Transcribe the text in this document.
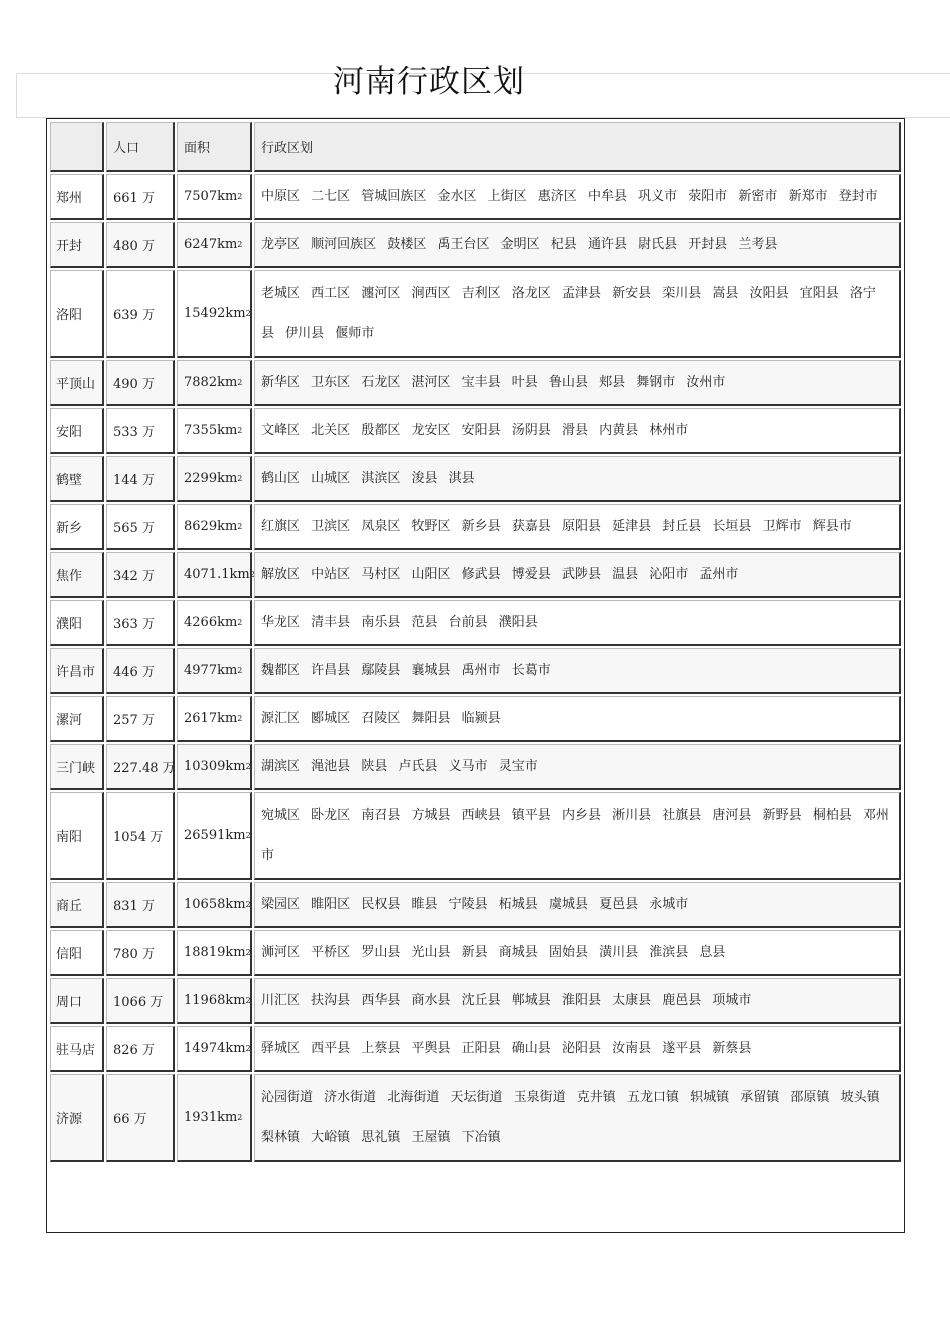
河南行政区划
	人口	面积	行政区划
郑州	661 万	$7507km^2$	中原区 二七区 管城回族区 金水区 上街区 惠济区 中牟县 巩义市 荥阳市 新密市 新郑市 登封市
开封	480 万	$6247km^2$	龙亭区 顺河回族区 鼓楼区 禹王台区 金明区 杞县 通许县 尉氏县 开封县 兰考县
洛阳	639 万	$15492km^2$	老城区 西工区 瀍河区 涧西区 吉利区 洛龙区 孟津县 新安县 栾川县 嵩县 汝阳县 宜阳县 洛宁县 伊川县 偃师市
平顶山	490 万	$7882km^2$	新华区 卫东区 石龙区 湛河区 宝丰县 叶县 鲁山县 郏县 舞钢市 汝州市
安阳	533 万	$7355km^2$	文峰区 北关区 殷都区 龙安区 安阳县 汤阴县 滑县 内黄县 林州市
鹤壁	144 万	$2299km^2$	鹤山区 山城区 淇滨区 浚县 淇县
新乡	565 万	$8629km^2$	红旗区 卫滨区 凤泉区 牧野区 新乡县 获嘉县 原阳县 延津县 封丘县 长垣县 卫辉市 辉县市
焦作	342 万	$4071.1km^2$	解放区 中站区 马村区 山阳区 修武县 博爱县 武陟县 温县 沁阳市 孟州市
濮阳	363 万	$4266km^2$	华龙区 清丰县 南乐县 范县 台前县 濮阳县
许昌市	446 万	$4977km^2$	魏都区 许昌县 鄢陵县 襄城县 禹州市 长葛市
漯河	257 万	$2617km^2$	源汇区 郾城区 召陵区 舞阳县 临颍县
三门峡	227.48 万	$10309km^2$	湖滨区 渑池县 陕县 卢氏县 义马市 灵宝市
南阳	1054 万	$26591km^2$	宛城区 卧龙区 南召县 方城县 西峡县 镇平县 内乡县 淅川县 社旗县 唐河县 新野县 桐柏县 邓州市
商丘	831 万	$10658km^2$	梁园区 睢阳区 民权县 睢县 宁陵县 柘城县 虞城县 夏邑县 永城市
信阳	780 万	$18819km^2$	浉河区 平桥区 罗山县 光山县 新县 商城县 固始县 潢川县 淮滨县 息县
周口	1066 万	$11968km^2$	川汇区 扶沟县 西华县 商水县 沈丘县 郸城县 淮阳县 太康县 鹿邑县 项城市
驻马店	826 万	$14974km^2$	驿城区 西平县 上蔡县 平舆县 正阳县 确山县 泌阳县 汝南县 遂平县 新蔡县
济源	66 万	$1931km^2$	沁园街道 济水街道 北海街道 天坛街道 玉泉街道 克井镇 五龙口镇 轵城镇 承留镇 邵原镇 坡头镇 梨林镇 大峪镇 思礼镇 王屋镇 下冶镇
